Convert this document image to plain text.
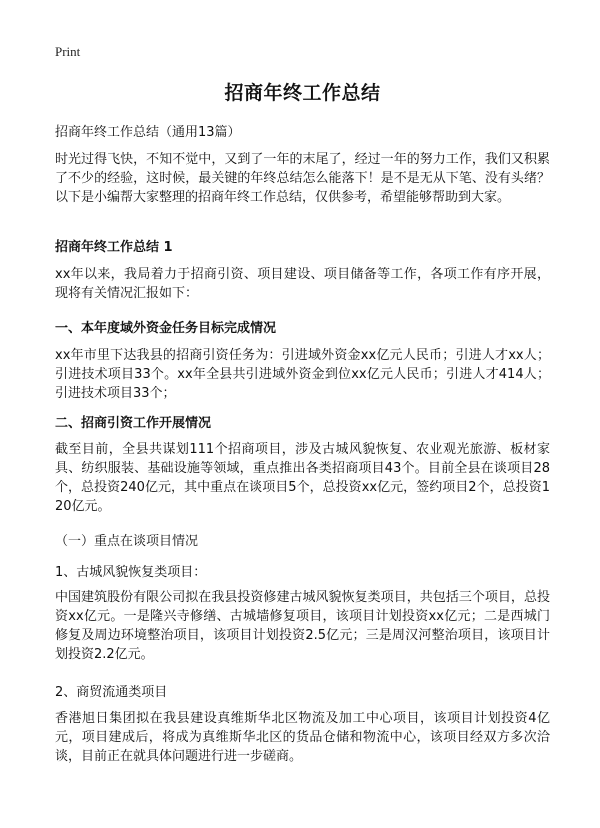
Print
招商年终工作总结
招商年终工作总结（通用13篇）
时光过得飞快，不知不觉中，又到了一年的末尾了，经过一年的努力工作，我们又积累了不少的经验，这时候，最关键的年终总结怎么能落下！是不是无从下笔、没有头绪？以下是小编帮大家整理的招商年终工作总结，仅供参考，希望能够帮助到大家。
招商年终工作总结 1
xx年以来，我局着力于招商引资、项目建设、项目储备等工作，各项工作有序开展，现将有关情况汇报如下：
一、本年度域外资金任务目标完成情况
xx年市里下达我县的招商引资任务为：引进域外资金xx亿元人民币；引进人才xx人；引进技术项目33个。xx年全县共引进域外资金到位xx亿元人民币；引进人才414人；引进技术项目33个；
二、招商引资工作开展情况
截至目前，全县共谋划111个招商项目，涉及古城风貌恢复、农业观光旅游、板材家具、纺织服装、基础设施等领域，重点推出各类招商项目43个。目前全县在谈项目28个，总投资240亿元，其中重点在谈项目5个，总投资xx亿元，签约项目2个，总投资120亿元。
（一）重点在谈项目情况
1、古城风貌恢复类项目：
中国建筑股份有限公司拟在我县投资修建古城风貌恢复类项目，共包括三个项目，总投资xx亿元。一是隆兴寺修缮、古城墙修复项目，该项目计划投资xx亿元；二是西城门修复及周边环境整治项目，该项目计划投资2.5亿元；三是周汉河整治项目，该项目计划投资2.2亿元。
2、商贸流通类项目
香港旭日集团拟在我县建设真维斯华北区物流及加工中心项目，该项目计划投资4亿元，项目建成后，将成为真维斯华北区的货品仓储和物流中心，该项目经双方多次洽谈，目前正在就具体问题进行进一步磋商。
